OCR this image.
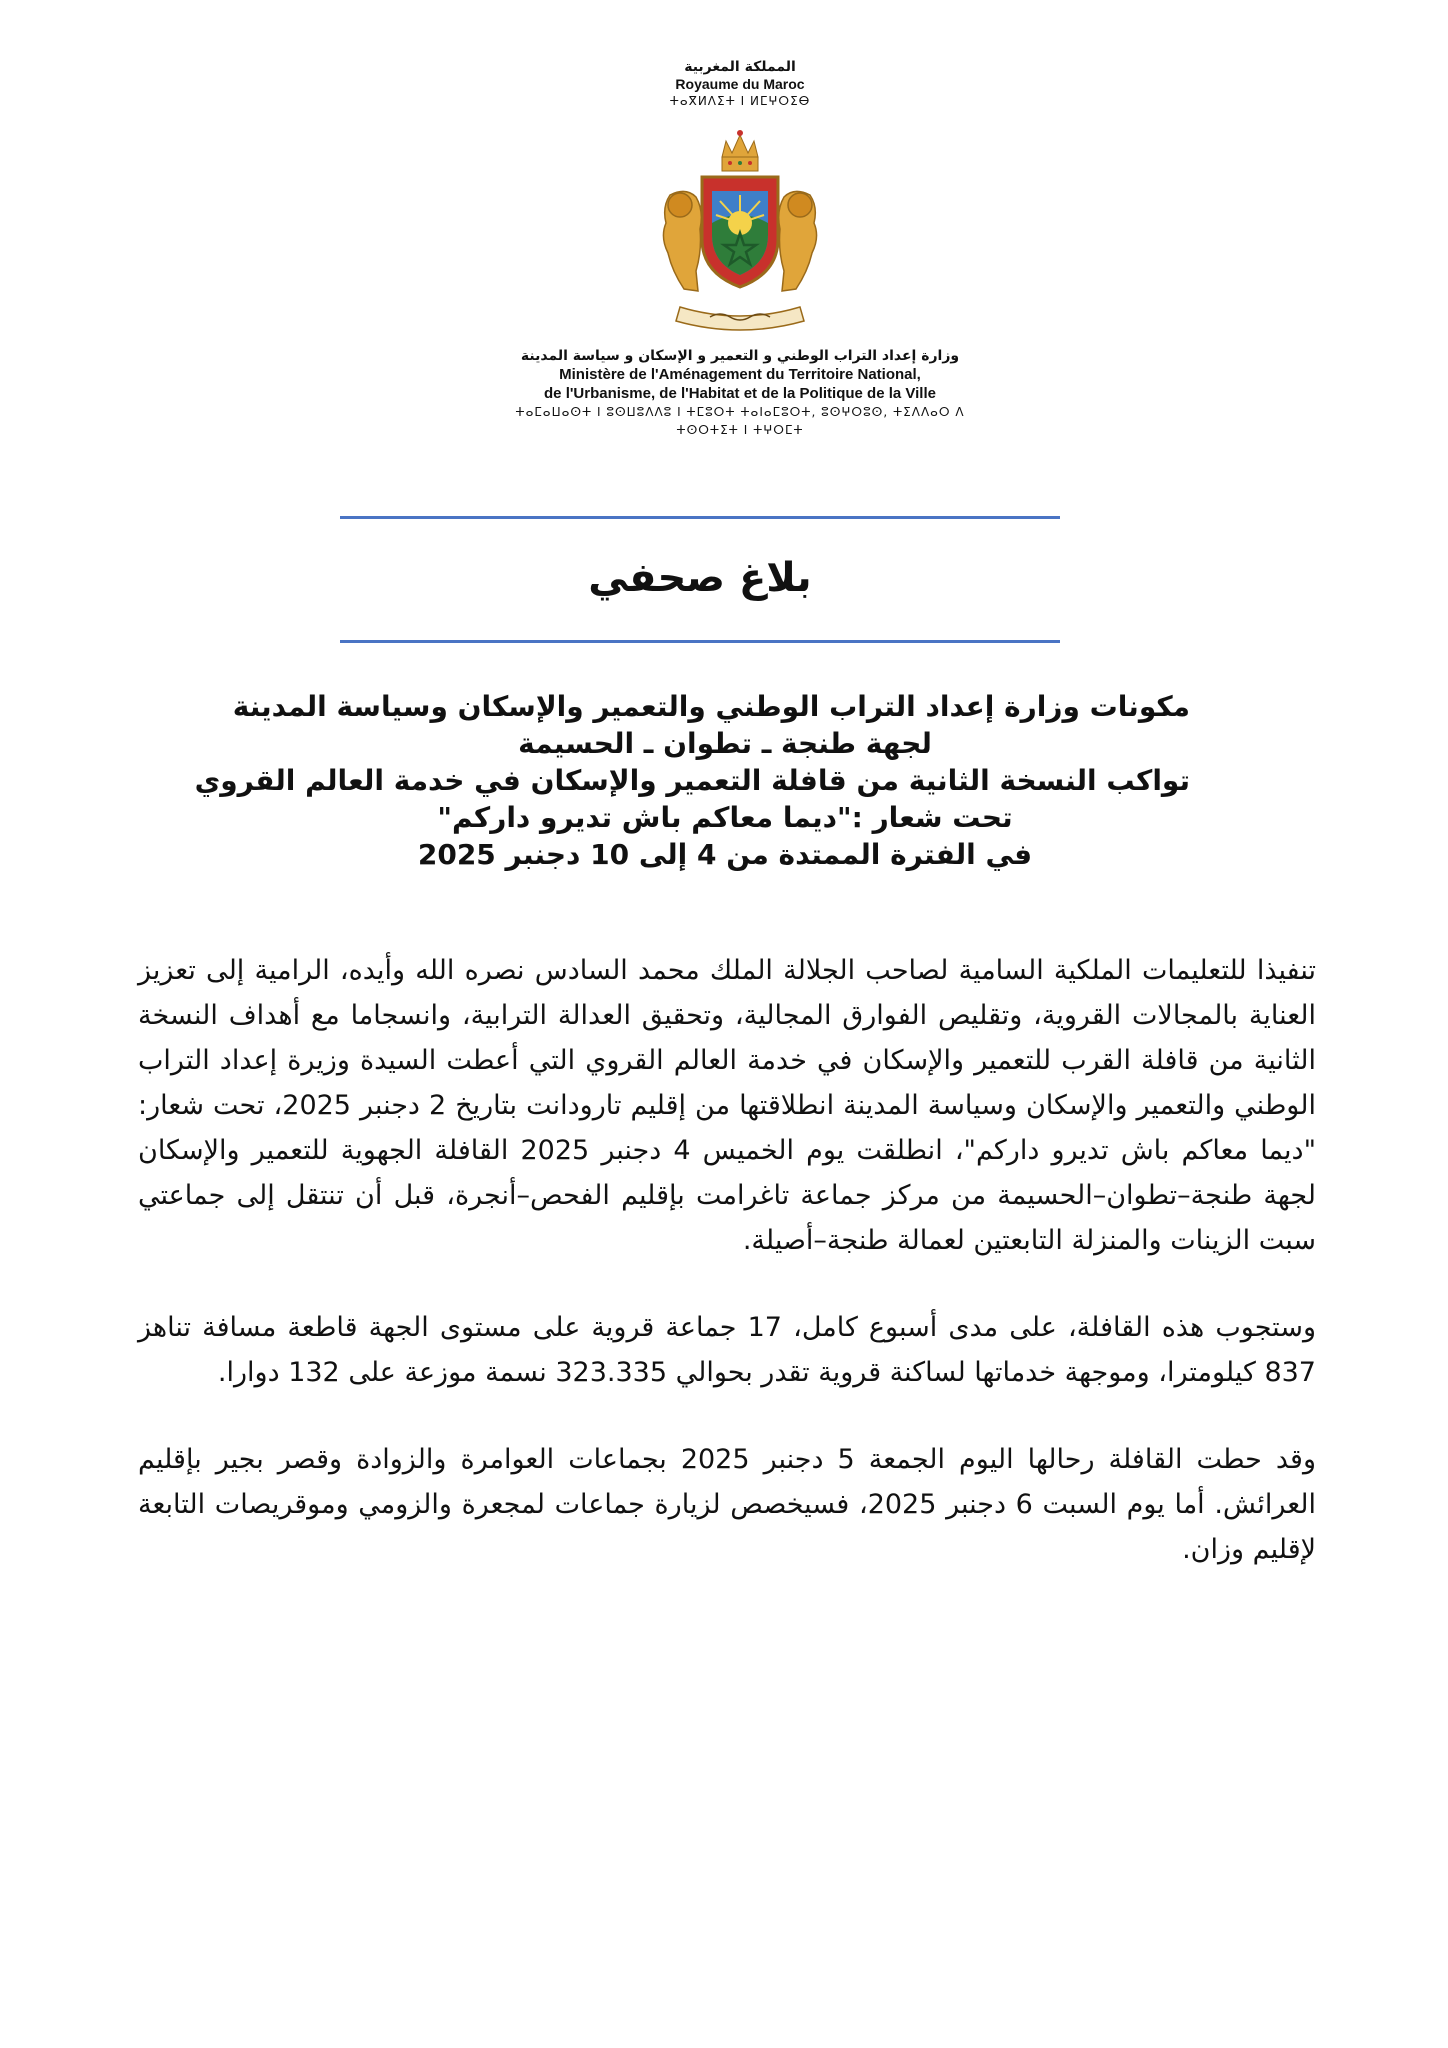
المملكة المغربية
Royaume du Maroc
ⵜⴰⴳⵍⴷⵉⵜ ⵏ ⵍⵎⵖⵔⵉⴱ
وزارة إعداد التراب الوطني و التعمير و الإسكان و سياسة المدينة
Ministère de l'Aménagement du Territoire National,
de l'Urbanisme, de l'Habitat et de la Politique de la Ville
ⵜⴰⵎⴰⵡⴰⵙⵜ ⵏ ⵓⵙⵡⵓⴷⴷⵓ ⵏ ⵜⵎⵓⵔⵜ ⵜⴰⵏⴰⵎⵓⵔⵜ, ⵓⵙⵖⵔⵓⵙ, ⵜⵉⴷⴷⴰⵔ ⴷ ⵜⵙⵔⵜⵉⵜ ⵏ ⵜⵖⵔⵎⵜ
بلاغ صحفي
مكونات وزارة إعداد التراب الوطني والتعمير والإسكان وسياسة المدينة
لجهة طنجة ـ تطوان ـ الحسيمة
تواكب النسخة الثانية من قافلة التعمير والإسكان في خدمة العالم القروي
تحت شعار :"ديما معاكم باش تديرو داركم"
في الفترة الممتدة من 4 إلى 10 دجنبر 2025

تنفيذا للتعليمات الملكية السامية لصاحب الجلالة الملك محمد السادس نصره الله وأيده، الرامية إلى تعزيز العناية بالمجالات القروية، وتقليص الفوارق المجالية، وتحقيق العدالة الترابية، وانسجاما مع أهداف النسخة الثانية من قافلة القرب للتعمير والإسكان في خدمة العالم القروي التي أعطت السيدة وزيرة إعداد التراب الوطني والتعمير والإسكان وسياسة المدينة انطلاقتها من إقليم تارودانت بتاريخ 2 دجنبر 2025، تحت شعار: "ديما معاكم باش تديرو داركم"، انطلقت يوم الخميس 4 دجنبر 2025 القافلة الجهوية للتعمير والإسكان لجهة طنجة–تطوان–الحسيمة من مركز جماعة تاغرامت بإقليم الفحص–أنجرة، قبل أن تنتقل إلى جماعتي سبت الزينات والمنزلة التابعتين لعمالة طنجة–أصيلة.

وستجوب هذه القافلة، على مدى أسبوع كامل، 17 جماعة قروية على مستوى الجهة قاطعة مسافة تناهز 837 كيلومترا، وموجهة خدماتها لساكنة قروية تقدر بحوالي 323.335 نسمة موزعة على 132 دوارا.

وقد حطت القافلة رحالها اليوم الجمعة 5 دجنبر 2025 بجماعات العوامرة والزوادة وقصر بجير بإقليم العرائش. أما يوم السبت 6 دجنبر 2025، فسيخصص لزيارة جماعات لمجعرة والزومي وموقريصات التابعة لإقليم وزان.
